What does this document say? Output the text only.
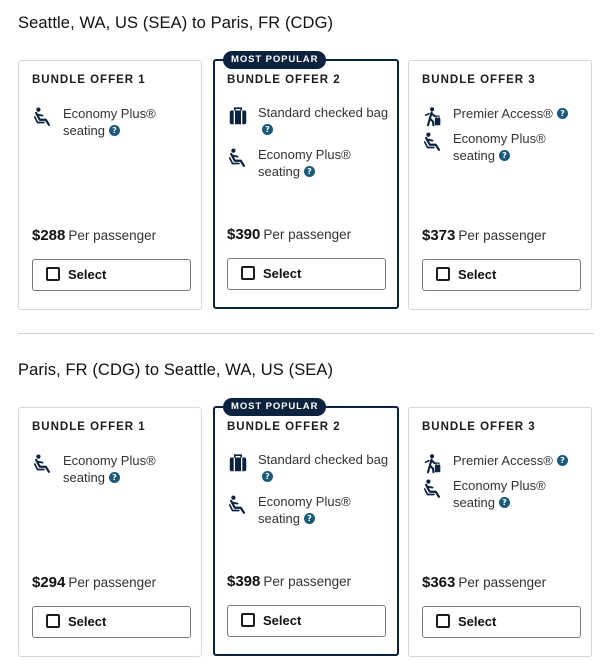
Seattle, WA, US (SEA) to Paris, FR (CDG)
BUNDLE OFFER 1
Economy Plus® seating ?
$288 Per passenger
Select
MOST POPULAR
BUNDLE OFFER 2
Standard checked bag?
Economy Plus® seating ?
$390 Per passenger
Select
BUNDLE OFFER 3
Premier Access® ?
Economy Plus® seating ?
$373 Per passenger
Select
Paris, FR (CDG) to Seattle, WA, US (SEA)
BUNDLE OFFER 1
Economy Plus® seating ?
$294 Per passenger
Select
MOST POPULAR
BUNDLE OFFER 2
Standard checked bag?
Economy Plus® seating ?
$398 Per passenger
Select
BUNDLE OFFER 3
Premier Access® ?
Economy Plus® seating ?
$363 Per passenger
Select
